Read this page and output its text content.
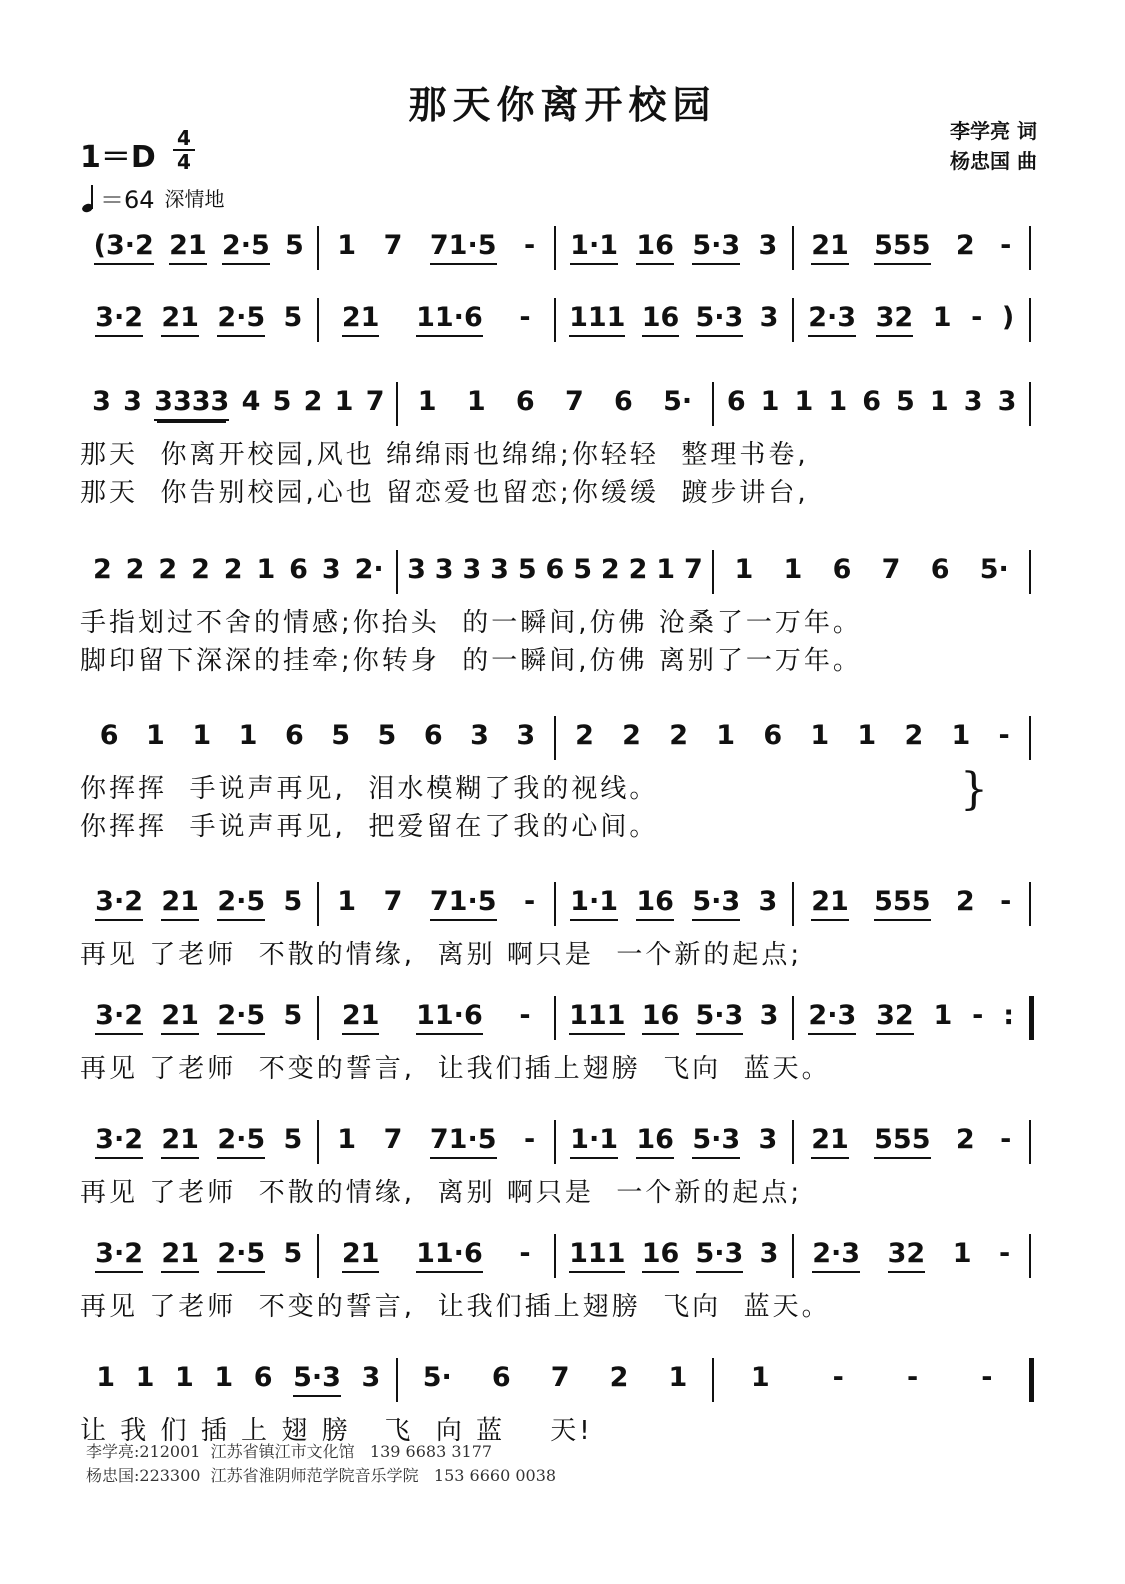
那天你离开校园
李学亮 词
杨忠国 曲
1＝D
4
4
＝64 深情地
(3·2 21 2·5 5 1 7 71·5 - 1·1 16 5·3 3 21 555 2 -
3·2 21 2·5 5 21 11·6 - 111 16 5·3 3 2·3 32 1 - )
3 3 3333 4 5 2 1 7 1 1 6 7 6 5· 6 1 1 1 6 5 1 3 3
那天  你离开校园,风也 绵绵雨也绵绵;你轻轻  整理书卷,
那天  你告别校园,心也 留恋爱也留恋;你缓缓  踱步讲台,
2 2 2 2 2 1 6 3 2· 3 3 3 3 5 6 5 2 2 1 7 1 1 6 7 6 5·
手指划过不舍的情感;你抬头  的一瞬间,仿佛 沧桑了一万年。
脚印留下深深的挂牵;你转身  的一瞬间,仿佛 离别了一万年。
6 1 1 1 6 5 5 6 3 3 2 2 2 1 6 1 1 2 1 -
你挥挥  手说声再见,  泪水模糊了我的视线。
你挥挥  手说声再见,  把爱留在了我的心间。
}
3·2 21 2·5 5 1 7 71·5 - 1·1 16 5·3 3 21 555 2 -
再见 了老师  不散的情缘,  离别 啊只是  一个新的起点;
3·2 21 2·5 5 21 11·6 - 111 16 5·3 3 2·3 32 1 - :
再见 了老师  不变的誓言,  让我们插上翅膀  飞向  蓝天。
3·2 21 2·5 5 1 7 71·5 - 1·1 16 5·3 3 21 555 2 -
再见 了老师  不散的情缘,  离别 啊只是  一个新的起点;
3·2 21 2·5 5 21 11·6 - 111 16 5·3 3 2·3 32 1 -
再见 了老师  不变的誓言,  让我们插上翅膀  飞向  蓝天。
1 1 1 1 6 5·3 3 5· 6 7 2 1 1 - - -
让 我 们 插 上 翅 膀   飞  向 蓝    天!
李学亮:212001  江苏省镇江市文化馆   139 6683 3177
杨忠国:223300  江苏省淮阴师范学院音乐学院   153 6660 0038
